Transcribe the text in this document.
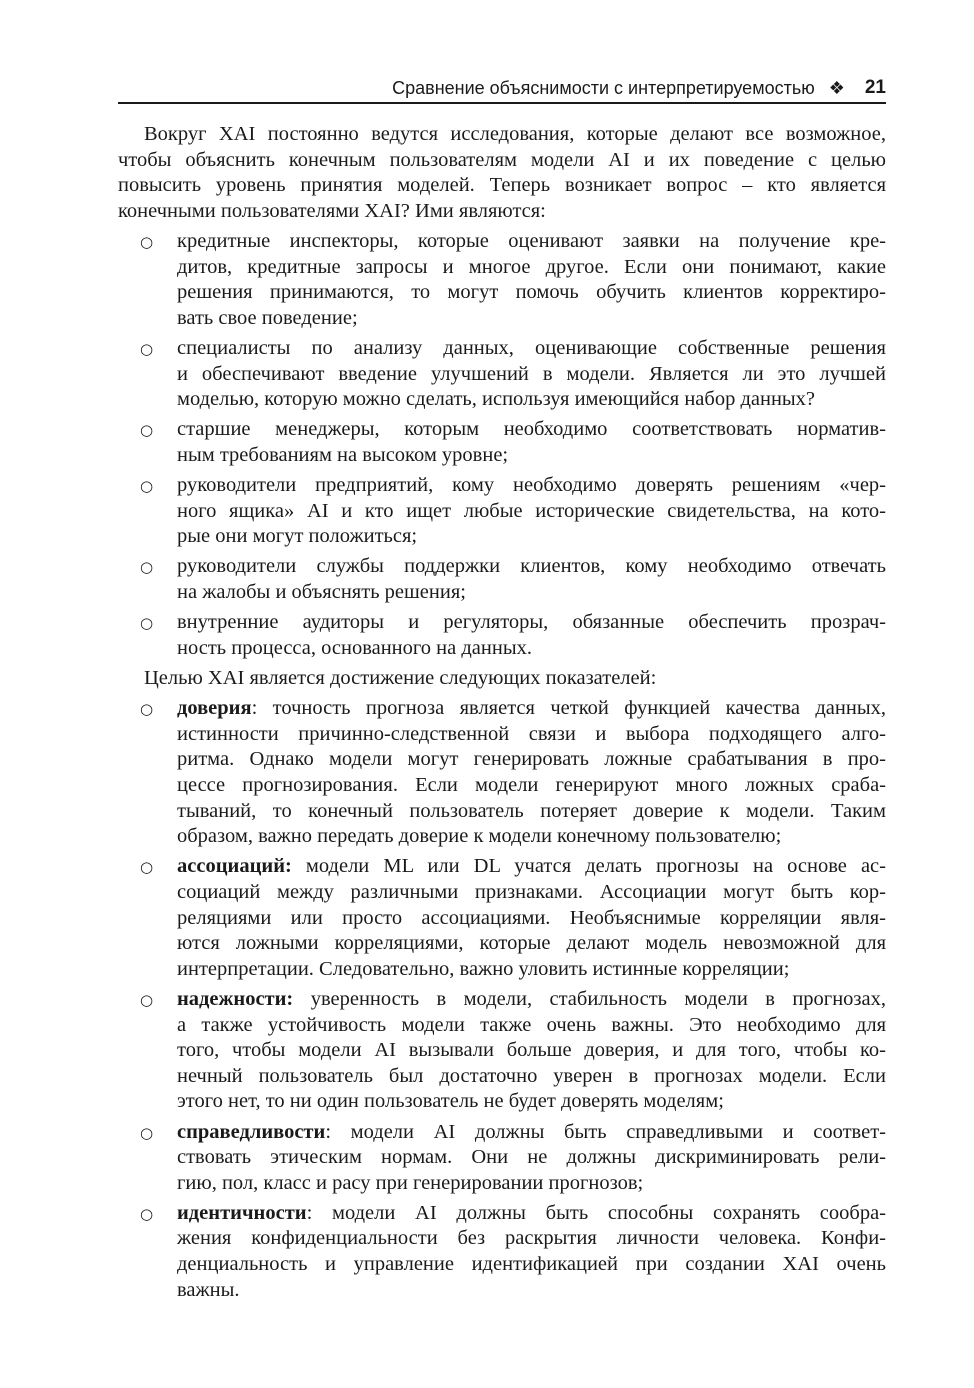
Сравнение объяснимости с интерпретируемостью ❖ 21
Вокруг XAI постоянно ведутся исследования, которые делают все возможное,
чтобы объяснить конечным пользователям модели AI и их поведение с целью
повысить уровень принятия моделей. Теперь возникает вопрос – кто является
конечными пользователями XAI? Ими являются:
○ кредитные инспекторы, которые оценивают заявки на получение кре-
дитов, кредитные запросы и многое другое. Если они понимают, какие
решения принимаются, то могут помочь обучить клиентов корректиро-
вать свое поведение;
○ специалисты по анализу данных, оценивающие собственные решения
и обеспечивают введение улучшений в модели. Является ли это лучшей
моделью, которую можно сделать, используя имеющийся набор данных?
○ старшие менеджеры, которым необходимо соответствовать норматив-
ным требованиям на высоком уровне;
○ руководители предприятий, кому необходимо доверять решениям «чер-
ного ящика» AI и кто ищет любые исторические свидетельства, на кото-
рые они могут положиться;
○ руководители службы поддержки клиентов, кому необходимо отвечать
на жалобы и объяснять решения;
○ внутренние аудиторы и регуляторы, обязанные обеспечить прозрач-
ность процесса, основанного на данных.
Целью XAI является достижение следующих показателей:
○ доверия: точность прогноза является четкой функцией качества данных,
истинности причинно-следственной связи и выбора подходящего алго-
ритма. Однако модели могут генерировать ложные срабатывания в про-
цессе прогнозирования. Если модели генерируют много ложных сраба-
тываний, то конечный пользователь потеряет доверие к модели. Таким
образом, важно передать доверие к модели конечному пользователю;
○ ассоциаций: модели ML или DL учатся делать прогнозы на основе ас-
социаций между различными признаками. Ассоциации могут быть кор-
реляциями или просто ассоциациями. Необъяснимые корреляции явля-
ются ложными корреляциями, которые делают модель невозможной для
интерпретации. Следовательно, важно уловить истинные корреляции;
○ надежности: уверенность в модели, стабильность модели в прогнозах,
а также устойчивость модели также очень важны. Это необходимо для
того, чтобы модели AI вызывали больше доверия, и для того, чтобы ко-
нечный пользователь был достаточно уверен в прогнозах модели. Если
этого нет, то ни один пользователь не будет доверять моделям;
○ справедливости: модели AI должны быть справедливыми и соответ-
ствовать этическим нормам. Они не должны дискриминировать рели-
гию, пол, класс и расу при генерировании прогнозов;
○ идентичности: модели AI должны быть способны сохранять сообра-
жения конфиденциальности без раскрытия личности человека. Конфи-
денциальность и управление идентификацией при создании XAI очень
важны.
